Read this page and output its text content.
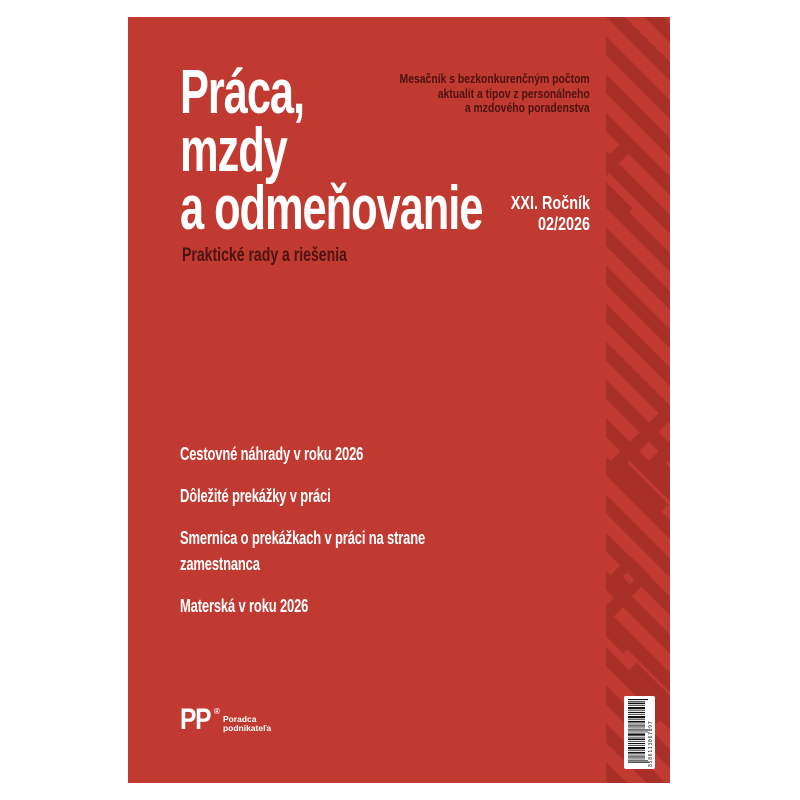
Práca,
mzdy
a odmeňovanie
Praktické rady a riešenia
Mesačník s bezkonkurenčným počtom
aktualít a tipov z personálneho
a mzdového poradenstva
XXI. Ročník
02/2026
Cestovné náhrady v roku 2026
Dôležité prekážky v práci
Smernica o prekážkach v práci na strane zamestnanca
Materská v roku 2026
PP ®
Poradca
podnikateľa	8586113067097
